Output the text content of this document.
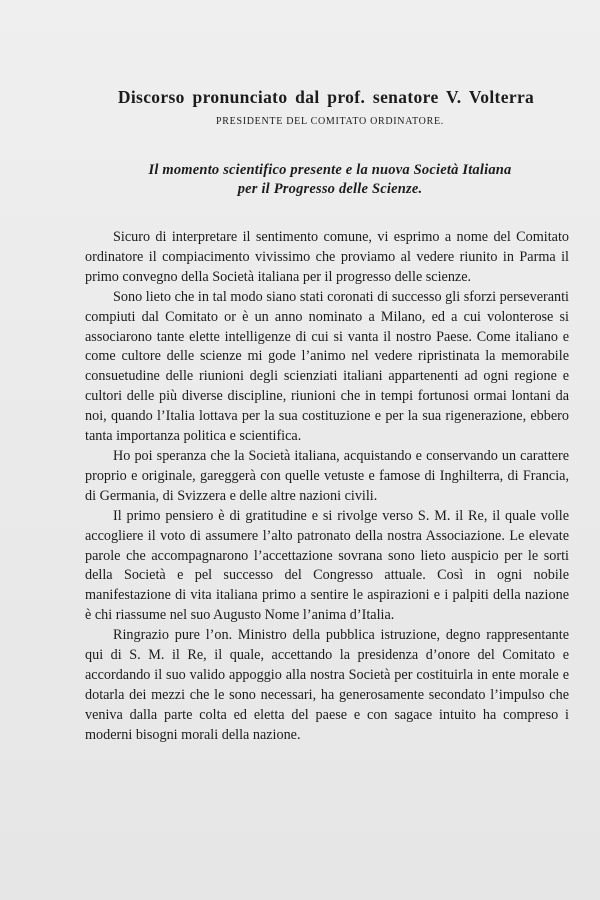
Discorso pronunciato dal prof. senatore V. Volterra
PRESIDENTE DEL COMITATO ORDINATORE.
Il momento scientifico presente e la nuova Società Italiana
per il Progresso delle Scienze.

Sicuro di interpretare il sentimento comune, vi esprimo a nome del Comitato ordinatore il compiacimento vivissimo che proviamo al vedere riunito in Parma il primo convegno della Società italiana per il progresso delle scienze.

Sono lieto che in tal modo siano stati coronati di successo gli sforzi perseveranti compiuti dal Comitato or è un anno nominato a Milano, ed a cui volonterose si associarono tante elette intelligenze di cui si vanta il nostro Paese. Come italiano e come cultore delle scienze mi gode l’animo nel vedere ripristinata la memorabile consuetudine delle riunioni degli scienziati italiani appartenenti ad ogni regione e cultori delle più diverse discipline, riunioni che in tempi fortunosi ormai lontani da noi, quando l’Italia lottava per la sua costituzione e per la sua rigenerazione, ebbero tanta importanza politica e scientifica.

Ho poi speranza che la Società italiana, acquistando e conservando un carattere proprio e originale, gareggerà con quelle vetuste e famose di Inghilterra, di Francia, di Germania, di Svizzera e delle altre nazioni civili.

Il primo pensiero è di gratitudine e si rivolge verso S. M. il Re, il quale volle accogliere il voto di assumere l’alto patronato della nostra Associazione. Le elevate parole che accompagnarono l’accettazione sovrana sono lieto auspicio per le sorti della Società e pel successo del Congresso attuale. Così in ogni nobile manifestazione di vita italiana primo a sentire le aspirazioni e i palpiti della nazione è chi riassume nel suo Augusto Nome l’anima d’Italia.

Ringrazio pure l’on. Ministro della pubblica istruzione, degno rappresentante qui di S. M. il Re, il quale, accettando la presidenza d’onore del Comitato e accordando il suo valido appoggio alla nostra Società per costituirla in ente morale e dotarla dei mezzi che le sono necessari, ha generosamente secondato l’impulso che veniva dalla parte colta ed eletta del paese e con sagace intuito ha compreso i moderni bisogni morali della nazione.
